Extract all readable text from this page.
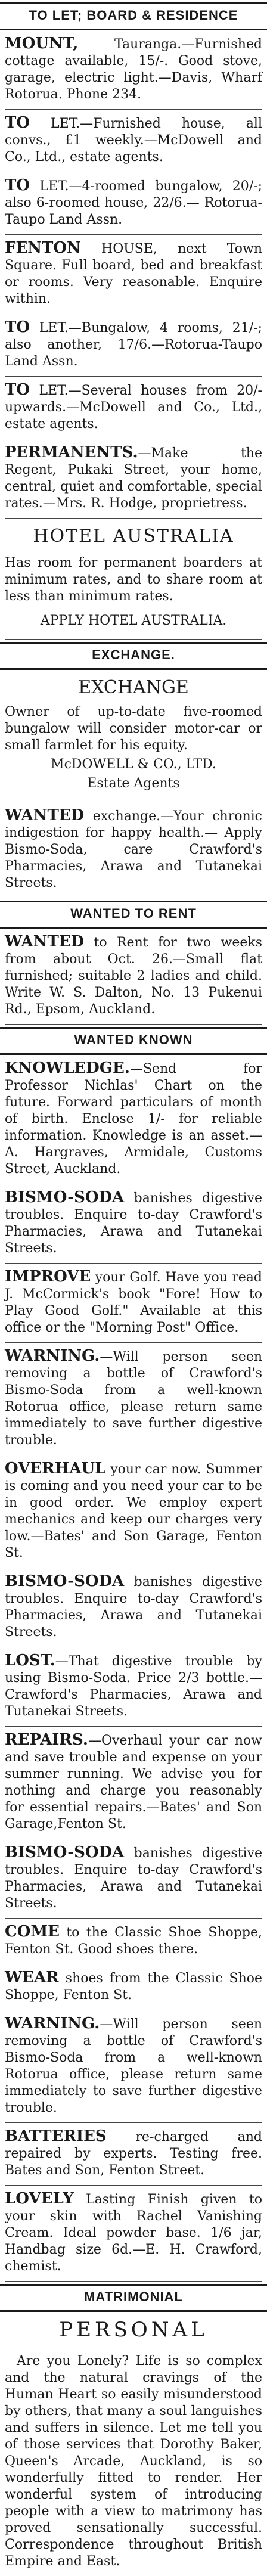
TO LET; BOARD & RESIDENCE
MOUNT, Tauranga.—Furnished cottage available, 15/-. Good stove, garage, electric light.—Davis, Wharf Rotorua. Phone 234.
TO LET.—Furnished house, all convs., £1 weekly.—McDowell and Co., Ltd., estate agents.
TO LET.—4-roomed bungalow, 20/-; also 6-roomed house, 22/6.— Rotorua-Taupo Land Assn.
FENTON HOUSE, next Town Square. Full board, bed and breakfast or rooms. Very reasonable. Enquire within.
TO LET.—Bungalow, 4 rooms, 21/-; also another, 17/6.—Rotorua-Taupo Land Assn.
TO LET.—Several houses from 20/-upwards.—McDowell and Co., Ltd., estate agents.
PERMANENTS.—Make the Regent, Pukaki Street, your home, central, quiet and comfortable, special rates.—Mrs. R. Hodge, proprietress.
HOTEL AUSTRALIA
Has room for permanent boarders at minimum rates, and to share room at less than minimum rates.
APPLY HOTEL AUSTRALIA.
EXCHANGE.
EXCHANGE
Owner of up-to-date five-roomed bungalow will consider motor-car or small farmlet for his equity.
McDOWELL & CO., LTD.
Estate Agents
WANTED exchange.—Your chronic indigestion for happy health.— Apply Bismo-Soda, care Crawford's Pharmacies, Arawa and Tutanekai Streets.
WANTED TO RENT
WANTED to Rent for two weeks from about Oct. 26.—Small flat furnished; suitable 2 ladies and child. Write W. S. Dalton, No. 13 Pukenui Rd., Epsom, Auckland.
WANTED KNOWN
KNOWLEDGE.—Send for Professor Nichlas' Chart on the future. Forward particulars of month of birth. Enclose 1/- for reliable information. Knowledge is an asset.—A. Hargraves, Armidale, Customs Street, Auckland.
BISMO-SODA banishes digestive troubles. Enquire to-day Crawford's Pharmacies, Arawa and Tutanekai Streets.
IMPROVE your Golf. Have you read J. McCormick's book "Fore! How to Play Good Golf." Available at this office or the "Morning Post" Office.
WARNING.—Will person seen removing a bottle of Crawford's Bismo-Soda from a well-known Rotorua office, please return same immediately to save further digestive trouble.
OVERHAUL your car now. Summer is coming and you need your car to be in good order. We employ expert mechanics and keep our charges very low.—Bates' and Son Garage, Fenton St.
BISMO-SODA banishes digestive troubles. Enquire to-day Crawford's Pharmacies, Arawa and Tutanekai Streets.
LOST.—That digestive trouble by using Bismo-Soda. Price 2/3 bottle.—Crawford's Pharmacies, Arawa and Tutanekai Streets.
REPAIRS.—Overhaul your car now and save trouble and expense on your summer running. We advise you for nothing and charge you reasonably for essential repairs.—Bates' and Son Garage,Fenton St.
BISMO-SODA banishes digestive troubles. Enquire to-day Crawford's Pharmacies, Arawa and Tutanekai Streets.
COME to the Classic Shoe Shoppe, Fenton St. Good shoes there.
WEAR shoes from the Classic Shoe Shoppe, Fenton St.
WARNING.—Will person seen removing a bottle of Crawford's Bismo-Soda from a well-known Rotorua office, please return same immediately to save further digestive trouble.
BATTERIES re-charged and repaired by experts. Testing free. Bates and Son, Fenton Street.
LOVELY Lasting Finish given to your skin with Rachel Vanishing Cream. Ideal powder base. 1/6 jar, Handbag size 6d.—E. H. Crawford, chemist.
MATRIMONIAL
PERSONAL
Are you Lonely? Life is so complex and the natural cravings of the Human Heart so easily misunderstood by others, that many a soul languishes and suffers in silence. Let me tell you of those services that Dorothy Baker, Queen's Arcade, Auckland, is so wonderfully fitted to render. Her wonderful system of introducing people with a view to matrimony has proved sensationally successful. Correspondence throughout British Empire and East.
